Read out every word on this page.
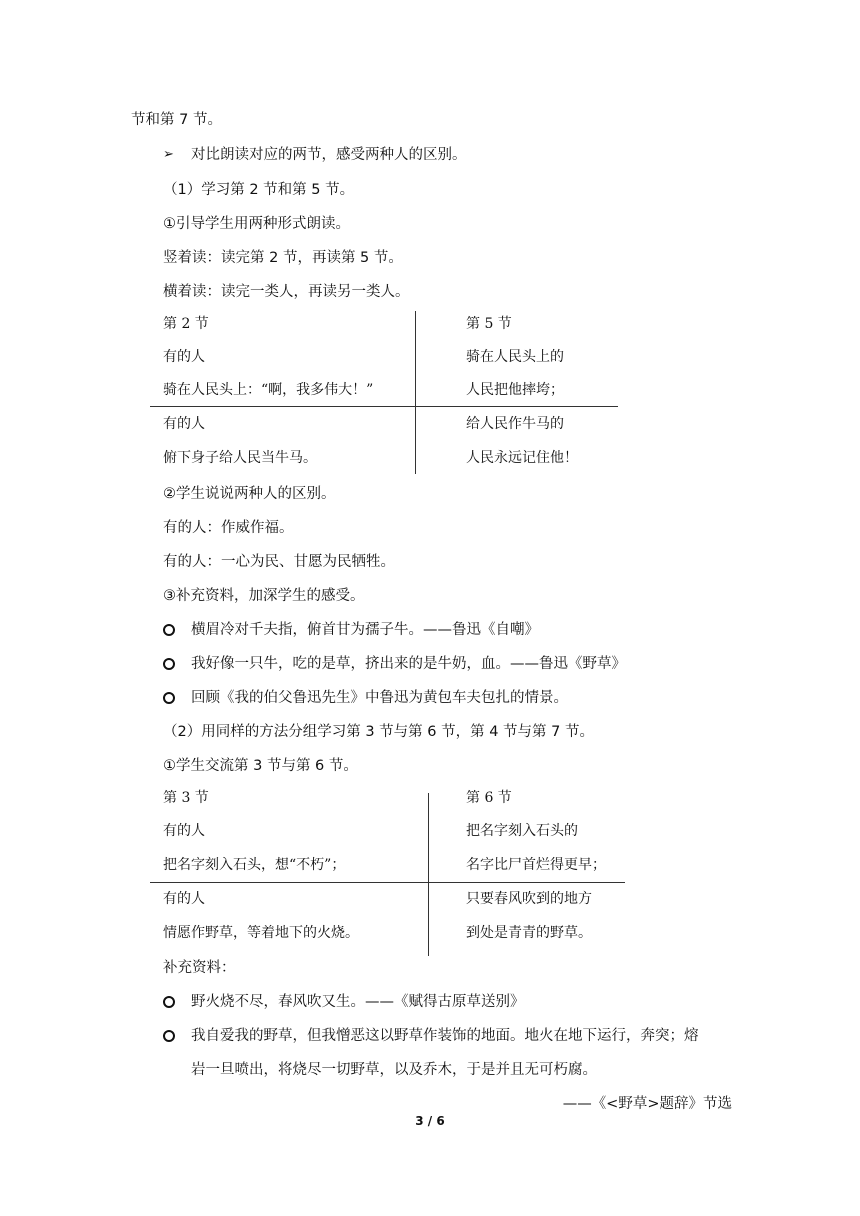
节和第 7 节。
➢ 对比朗读对应的两节，感受两种人的区别。
（1）学习第 2 节和第 5 节。
①引导学生用两种形式朗读。
竖着读：读完第 2 节，再读第 5 节。
横着读：读完一类人，再读另一类人。
第 2 节
有的人
骑在人民头上：“啊，我多伟大！”
有的人
俯下身子给人民当牛马。
第 5 节
骑在人民头上的
人民把他摔垮；
给人民作牛马的
人民永远记住他！
②学生说说两种人的区别。
有的人：作威作福。
有的人：一心为民、甘愿为民牺牲。
③补充资料，加深学生的感受。
横眉冷对千夫指，俯首甘为孺子牛。——鲁迅《自嘲》
我好像一只牛，吃的是草，挤出来的是牛奶，血。——鲁迅《野草》
回顾《我的伯父鲁迅先生》中鲁迅为黄包车夫包扎的情景。
（2）用同样的方法分组学习第 3 节与第 6 节，第 4 节与第 7 节。
①学生交流第 3 节与第 6 节。
第 3 节
有的人
把名字刻入石头，想“不朽”；
有的人
情愿作野草，等着地下的火烧。
第 6 节
把名字刻入石头的
名字比尸首烂得更早；
只要春风吹到的地方
到处是青青的野草。
补充资料：
野火烧不尽，春风吹又生。——《赋得古原草送别》
我自爱我的野草，但我憎恶这以野草作装饰的地面。地火在地下运行，奔突；熔
岩一旦喷出，将烧尽一切野草，以及乔木，于是并且无可朽腐。
——《<野草>题辞》节选
3 / 6
